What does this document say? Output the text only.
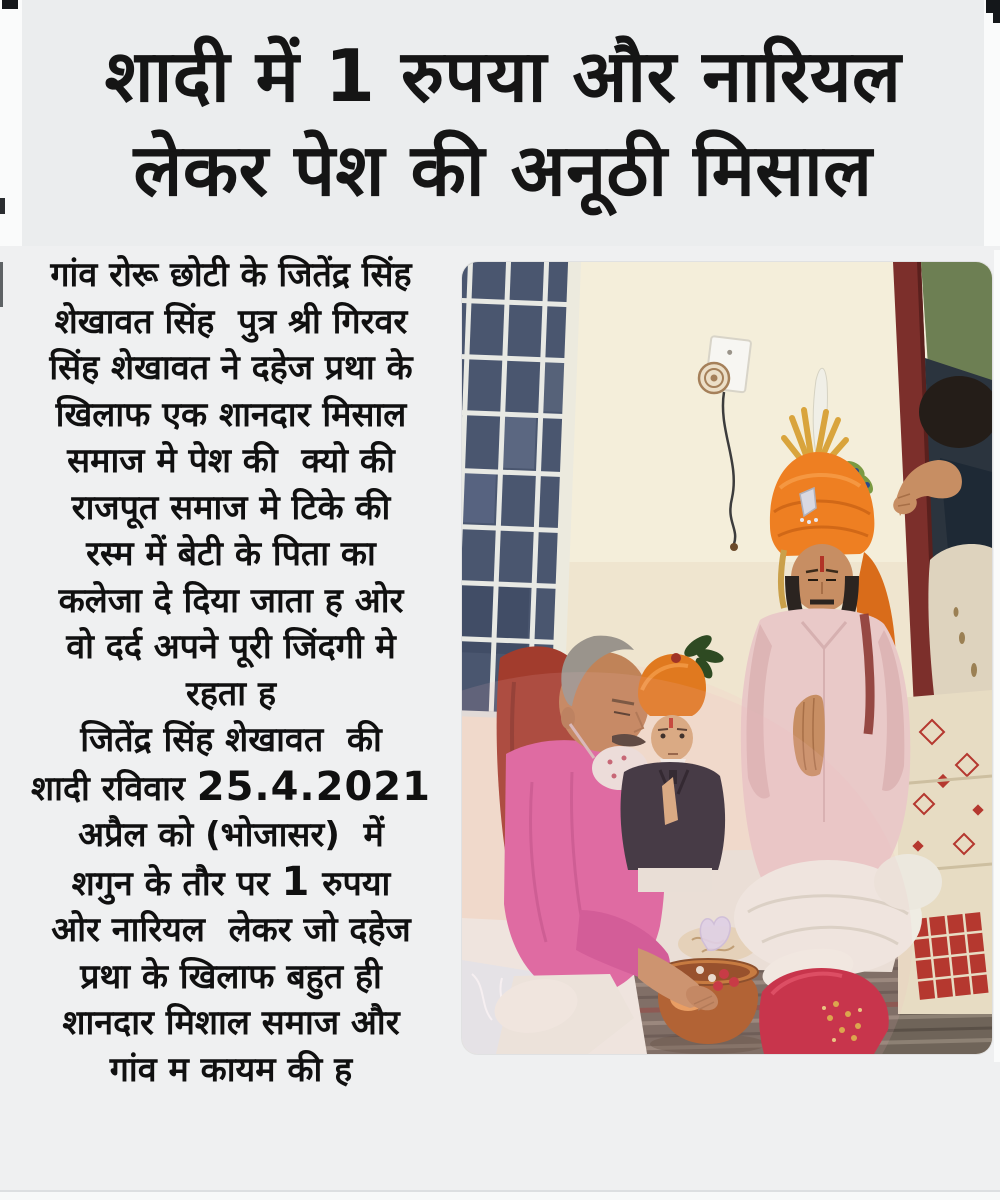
शादी में 1 रुपया और नारियल
लेकर पेश की अनूठी मिसाल
गांव रोरू छोटी के जितेंद्र सिंह
शेखावत सिंह  पुत्र श्री गिरवर
सिंह शेखावत ने दहेज प्रथा के
खिलाफ एक शानदार मिसाल
समाज मे पेश की  क्यो की
राजपूत समाज मे टिके की
रस्म में बेटी के पिता का
कलेजा दे दिया जाता ह ओर
वो दर्द अपने पूरी जिंदगी मे
रहता ह
जितेंद्र सिंह शेखावत  की
शादी रविवार 25.4.2021
अप्रैल को (भोजासर)  में
शगुन के तौर पर 1 रुपया
ओर नारियल  लेकर जो दहेज
प्रथा के खिलाफ बहुत ही
शानदार मिशाल समाज और
गांव म कायम की ह
